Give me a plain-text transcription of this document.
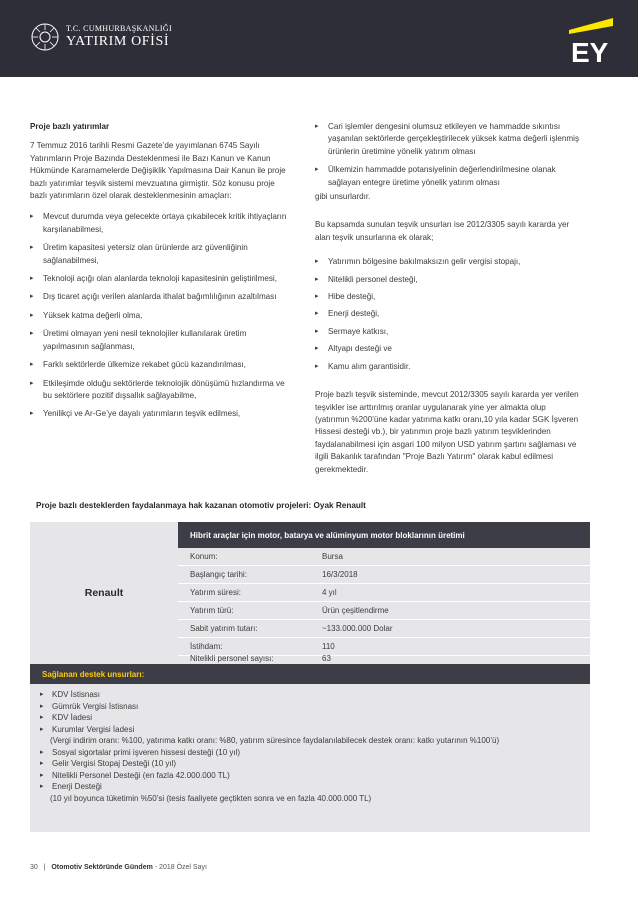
T.C. CUMHURBAŞKANLIĞI
YATIRIM OFİSİ	EY
Proje bazlı yatırımlar
7 Temmuz 2016 tarihli Resmi Gazete’de yayımlanan 6745 Sayılı Yatırımların Proje Bazında Desteklenmesi ile Bazı Kanun ve Kanun Hükmünde Kararnamelerde Değişiklik Yapılmasına Dair Kanun ile proje bazlı yatırımlar teşvik sistemi mevzuatına girmiştir. Söz konusu proje bazlı yatırımların özel olarak desteklenmesinin amaçları:
▸ Mevcut durumda veya gelecekte ortaya çıkabilecek kritik ihtiyaçların karşılanabilmesi,
▸ Üretim kapasitesi yetersiz olan ürünlerde arz güvenliğinin sağlanabilmesi,
▸ Teknoloji açığı olan alanlarda teknoloji kapasitesinin geliştirilmesi,
▸ Dış ticaret açığı verilen alanlarda ithalat bağımlılığının azaltılması
▸ Yüksek katma değerli olma,
▸ Üretimi olmayan yeni nesil teknolojiler kullanılarak üretim yapılmasının sağlanması,
▸ Farklı sektörlerde ülkemize rekabet gücü kazandırılması,
▸ Etkileşimde olduğu sektörlerde teknolojik dönüşümü hızlandırma ve bu sektörlere pozitif dışsallık sağlayabilme,
▸ Yenilikçi ve Ar-Ge’ye dayalı yatırımların teşvik edilmesi,
▸ Cari işlemler dengesini olumsuz etkileyen ve hammadde sıkıntısı yaşanılan sektörlerde gerçekleştirilecek yüksek katma değerli işlenmiş ürünlerin üretimine yönelik yatırım olması
▸ Ülkemizin hammadde potansiyelinin değerlendirilmesine olanak sağlayan entegre üretime yönelik yatırım olması
gibi unsurlardır.
Bu kapsamda sunulan teşvik unsurları ise 2012/3305 sayılı kararda yer alan teşvik unsurlarına ek olarak;
▸ Yatırımın bölgesine bakılmaksızın gelir vergisi stopajı,
▸ Nitelikli personel desteği,
▸ Hibe desteği,
▸ Enerji desteği,
▸ Sermaye katkısı,
▸ Altyapı desteği ve
▸ Kamu alım garantisidir.
Proje bazlı teşvik sisteminde, mevcut 2012/3305 sayılı kararda yer verilen teşvikler ise arttırılmış oranlar uygulanarak yine yer almakta olup (yatırımın %200’üne kadar yatırıma katkı oranı,10 yıla kadar SGK İşveren Hissesi desteği vb.), bir yatırımın proje bazlı yatırım teşviklerinden faydalanabilmesi için asgari 100 milyon USD yatırım şartını sağlaması ve ilgili Bakanlık tarafından "Proje Bazlı Yatırım" olarak kabul edilmesi gerekmektedir.
Proje bazlı desteklerden faydalanmaya hak kazanan otomotiv projeleri: Oyak Renault
Renault
Hibrit araçlar için motor, batarya ve alüminyum motor bloklarının üretimi
Konum:	Bursa
Başlangıç tarihi:	16/3/2018
Yatırım süresi:	4 yıl
Yatırım türü:	Ürün çeşitlendirme
Sabit yatırım tutarı:	~133.000.000 Dolar
İstihdam:	110
Nitelikli personel sayısı:	63
Sağlanan destek unsurları:
▸ KDV İstisnası
▸ Gümrük Vergisi İstisnası
▸ KDV İadesi
▸ Kurumlar Vergisi İadesi
(Vergi indirim oranı: %100, yatırıma katkı oranı: %80, yatırım süresince faydalanılabilecek destek oranı: katkı yutarının %100’ü)
▸ Sosyal sigortalar primi işveren hissesi desteği (10 yıl)
▸ Gelir Vergisi Stopaj Desteği (10 yıl)
▸ Nitelikli Personel Desteği (en fazla 42.000.000 TL)
▸ Enerji Desteği
(10 yıl boyunca tüketimin %50’si (tesis faaliyete geçtikten sonra ve en fazla 40.000.000 TL)
30   |   Otomotiv Sektöründe Gündem - 2018 Özel Sayı
